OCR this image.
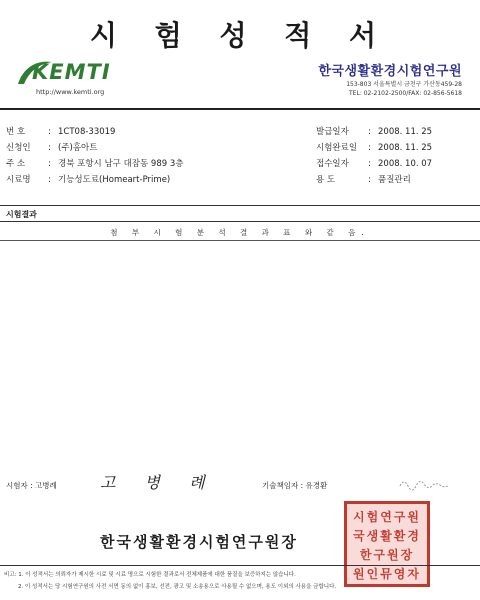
시 험 성 적 서
KEMTI
http://www.kemti.org
한국생활환경시험연구원
153-803 서울특별시 금천구 가산동459-28
TEL: 02-2102-2500/FAX: 02-856-5618
번 호	: 1CT08-33019
신청인 : (주)홈아트
주 소	: 경북 포항시 남구 대잠동 989 3층
시료명 : 기능성도료(Homeart-Prime)
발급일자 : 2008. 11. 25
시험완료일 : 2008. 11. 25
접수일자 : 2008. 10. 07
용 도	: 품질관리
시험결과
첨 부 시 험 분 석 결 과 표 와 같 음.
시험자 : 고병례	고 병 례	기술책임자 : 유경환
한국생활환경시험연구원장
시험연구원
국생활환경
한구원장
원인뮤영자
비고: 1. 이 성적서는 의뢰자가 제시한 시료 및 시료 명으로 시험한 결과로서 전체제품에 대한 품질을 보증하지는 않습니다.
2. 이 성적서는 당 시험연구원의 사전 서면 동의 없이 홍보, 선전, 광고 및 소송용으로 사용될 수 없으며, 용도 이외의 사용을 금합니다.
